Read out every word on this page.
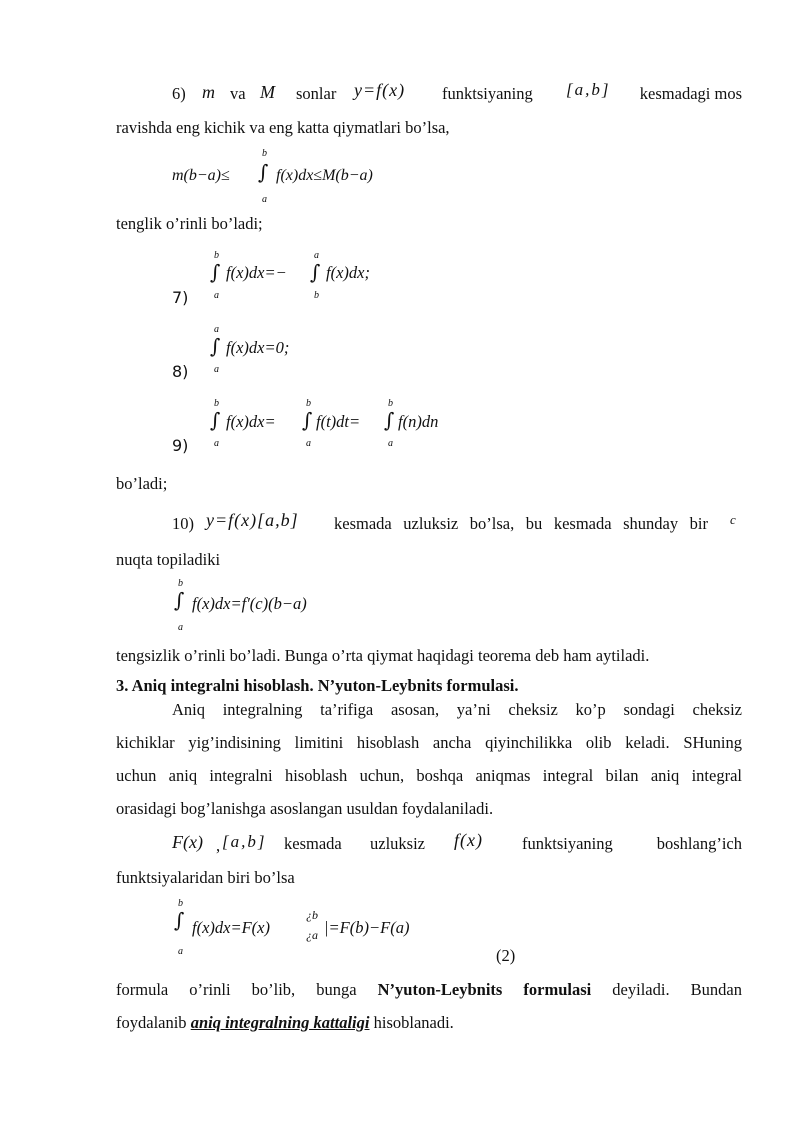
6) m va M sonlar y=f(x) funktsiyaning [a,b]	kesmadagi mos
ravishda eng kichik va eng katta qiymatlari bo’lsa,
m(b−a)≤
b
∫
a
f(x)dx≤M(b−a)
tenglik o’rinli bo’ladi;
7)
b
∫
a
f(x)dx=−
a
∫
b
f(x)dx;
8)
a
∫
a
f(x)dx=0;
9)
b
∫
a
f(x)dx=
b
∫
a
f(t)dt=
b
∫
a
f(n)dn
bo’ladi;
10) y=f(x)[a,b] kesmada uzluksiz bo’lsa, bu kesmada shunday bir c
nuqta topiladiki
b
∫
a
f(x)dx=f′(c)(b−a)
tengsizlik o’rinli bo’ladi. Bunga o’rta qiymat haqidagi teorema deb ham aytiladi.
3. Aniq integralni hisoblash. N’yuton-Leybnits formulasi.
Aniq integralning ta’rifiga asosan, ya’ni cheksiz ko’p sondagi cheksiz
kichiklar yig’indisining limitini hisoblash ancha qiyinchilikka olib keladi. SHuning
uchun aniq integralni hisoblash uchun, boshqa aniqmas integral bilan aniq integral
orasidagi bog’lanishga asoslangan usuldan foydalaniladi.
F(x) , [a,b] kesmada uzluksiz f(x) funktsiyaning	boshlang’ich
funktsiyalaridan biri bo’lsa
b
∫
a
f(x)dx=F(x)
¿b
¿a |=F(b)−F(a)
(2)
formula o’rinli bo’lib, bunga N’yuton-Leybnits formulasi deyiladi. Bundan
foydalanib aniq integralning kattaligi hisoblanadi.
